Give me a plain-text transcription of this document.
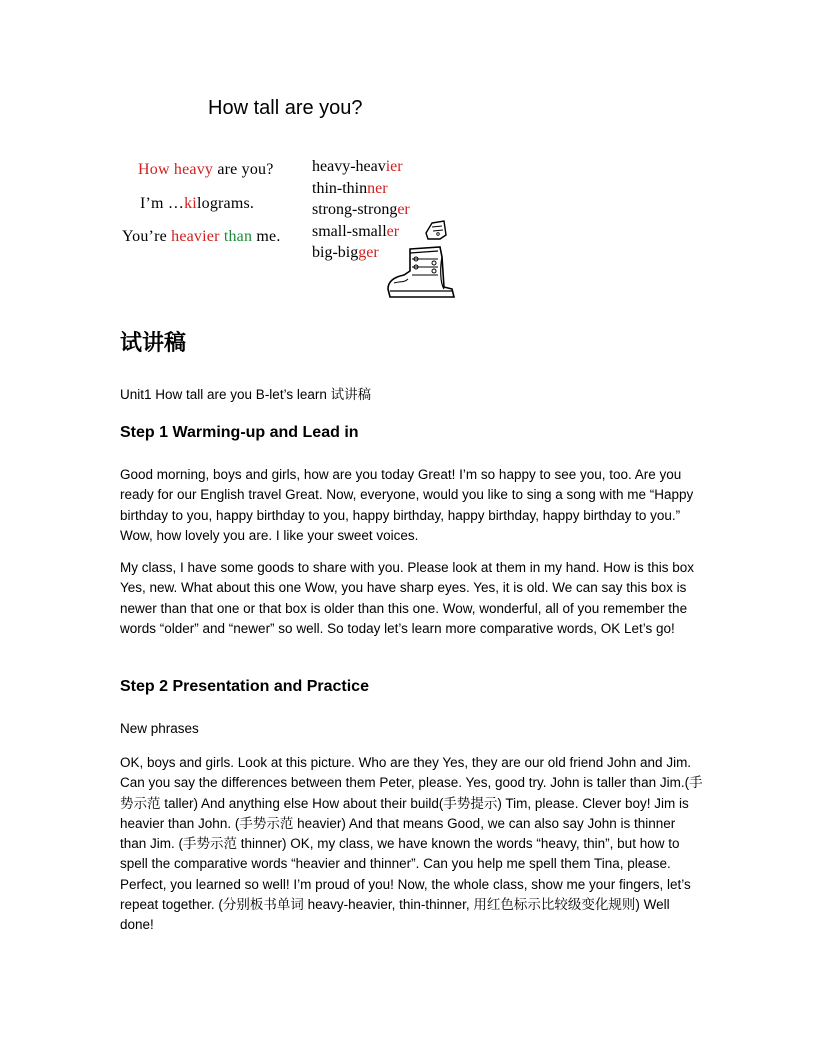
How tall are you?
How heavy are you?
I’m …kilograms.
You’re heavier than me.
heavy-heavier
thin-thinner
strong-stronger
small-smaller
big-bigger
试讲稿
Unit1 How tall are you B-let’s learn 试讲稿
Step 1 Warming-up and Lead in

Good morning, boys and girls, how are you today Great! I’m so happy to see you, too. Are you ready for our English travel Great. Now, everyone, would you like to sing a song with me “Happy birthday to you, happy birthday to you, happy birthday, happy birthday, happy birthday to you.” Wow, how lovely you are. I like your sweet voices.

My class, I have some goods to share with you. Please look at them in my hand. How is this box Yes, new. What about this one Wow, you have sharp eyes. Yes, it is old. We can say this box is newer than that one or that box is older than this one. Wow, wonderful, all of you remember the words “older” and “newer” so well. So today let’s learn more comparative words, OK Let’s go!

Step 2 Presentation and Practice

New phrases

OK, boys and girls. Look at this picture. Who are they Yes, they are our old friend John and Jim. Can you say the differences between them Peter, please. Yes, good try. John is taller than Jim.(手势示范 taller) And anything else How about their build(手势提示) Tim, please. Clever boy! Jim is heavier than John. (手势示范 heavier) And that means Good, we can also say John is thinner than Jim. (手势示范 thinner) OK, my class, we have known the words “heavy, thin”, but how to spell the comparative words “heavier and thinner”. Can you help me spell them Tina, please. Perfect, you learned so well! I’m proud of you! Now, the whole class, show me your fingers, let’s repeat together. (分别板书单词 heavy-heavier, thin-thinner, 用红色标示比较级变化规则) Well done!
